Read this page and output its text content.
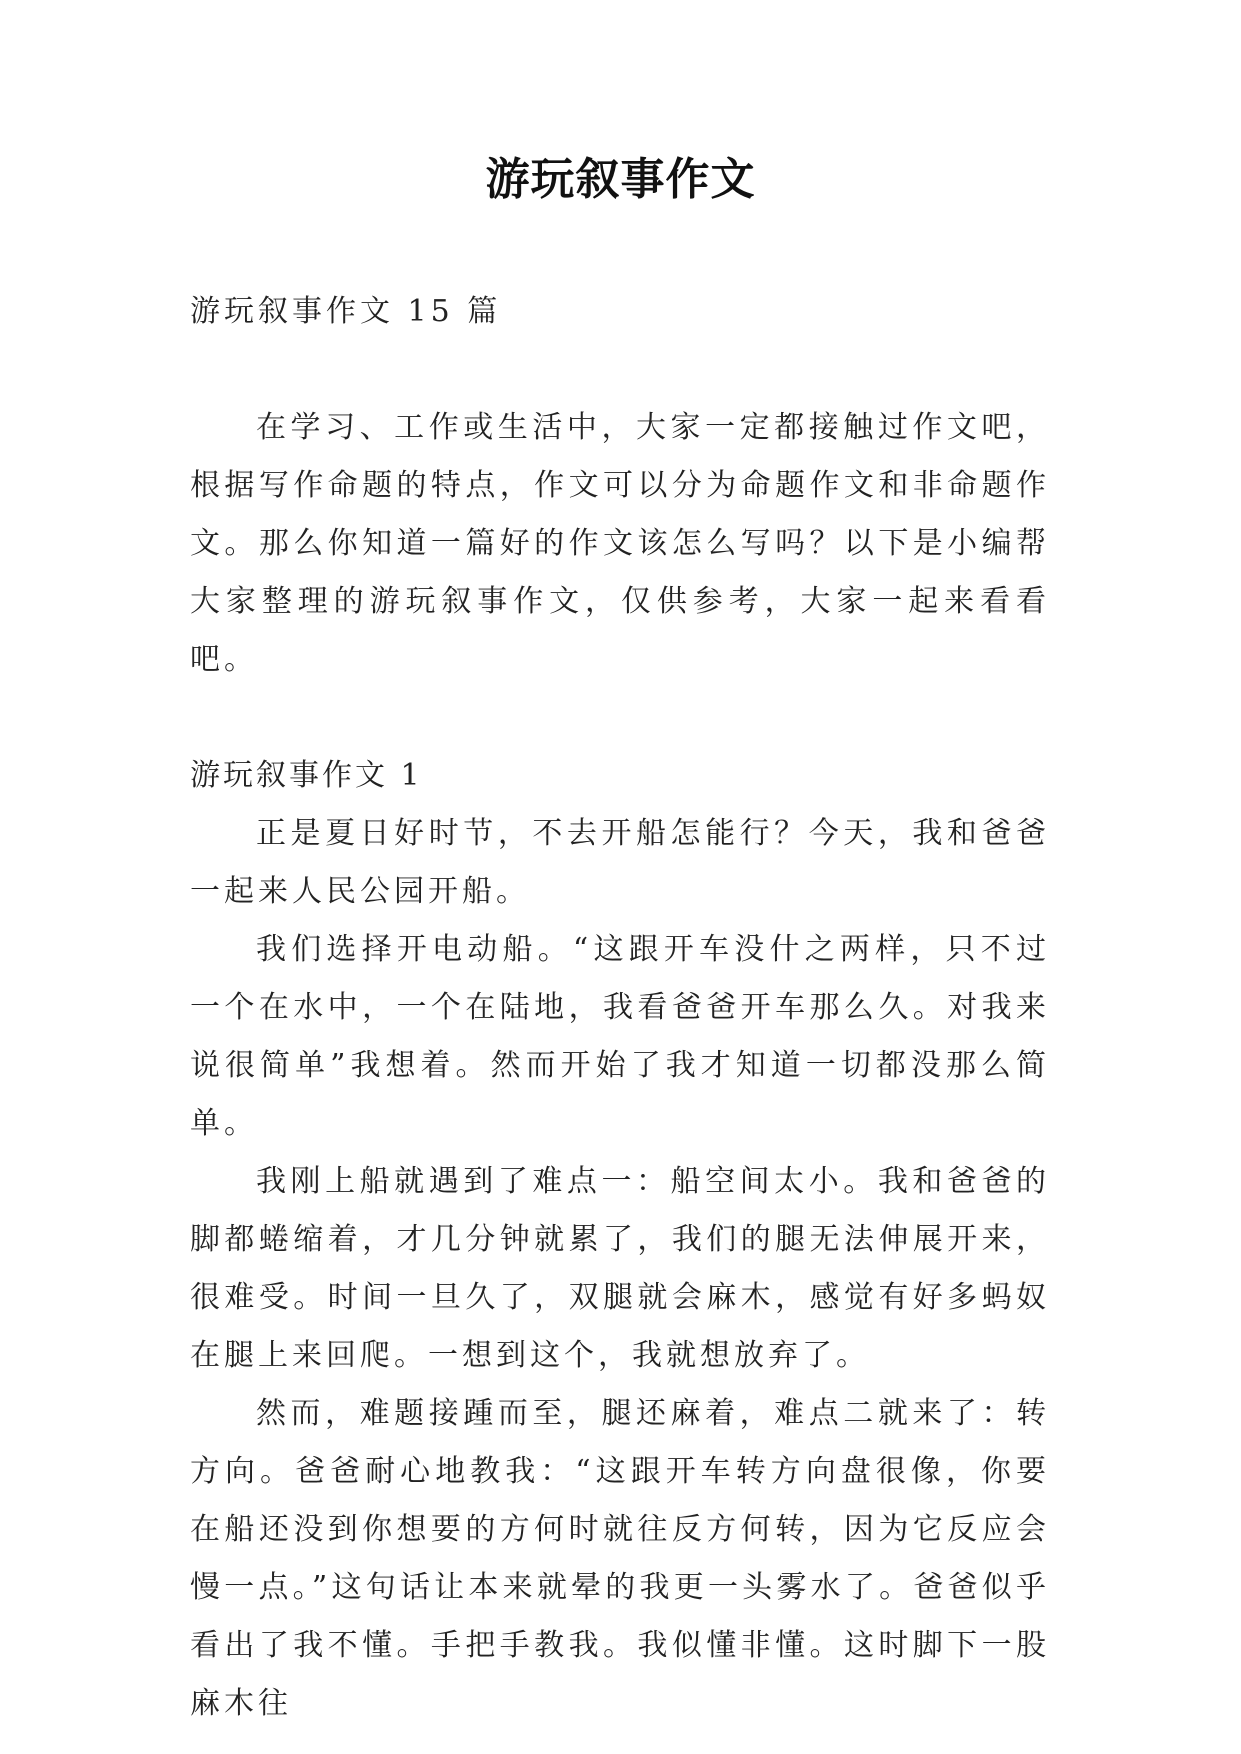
游玩叙事作文

游玩叙事作文 15 篇

在学习、工作或生活中，大家一定都接触过作文吧，根据写作命题的特点，作文可以分为命题作文和非命题作文。那么你知道一篇好的作文该怎么写吗？以下是小编帮大家整理的游玩叙事作文，仅供参考，大家一起来看看吧。

游玩叙事作文 1

正是夏日好时节，不去开船怎能行？今天，我和爸爸一起来人民公园开船。

我们选择开电动船。“这跟开车没什之两样，只不过一个在水中，一个在陆地，我看爸爸开车那么久。对我来说很简单”我想着。然而开始了我才知道一切都没那么简单。

我刚上船就遇到了难点一：船空间太小。我和爸爸的脚都蜷缩着，才几分钟就累了，我们的腿无法伸展开来，很难受。时间一旦久了，双腿就会麻木，感觉有好多蚂奴在腿上来回爬。一想到这个，我就想放弃了。

然而，难题接踵而至，腿还麻着，难点二就来了：转方向。爸爸耐心地教我：“这跟开车转方向盘很像，你要在船还没到你想要的方何时就往反方何转，因为它反应会慢一点。”这句话让本来就晕的我更一头雾水了。爸爸似乎看出了我不懂。手把手教我。我似懂非懂。这时脚下一股麻木往
